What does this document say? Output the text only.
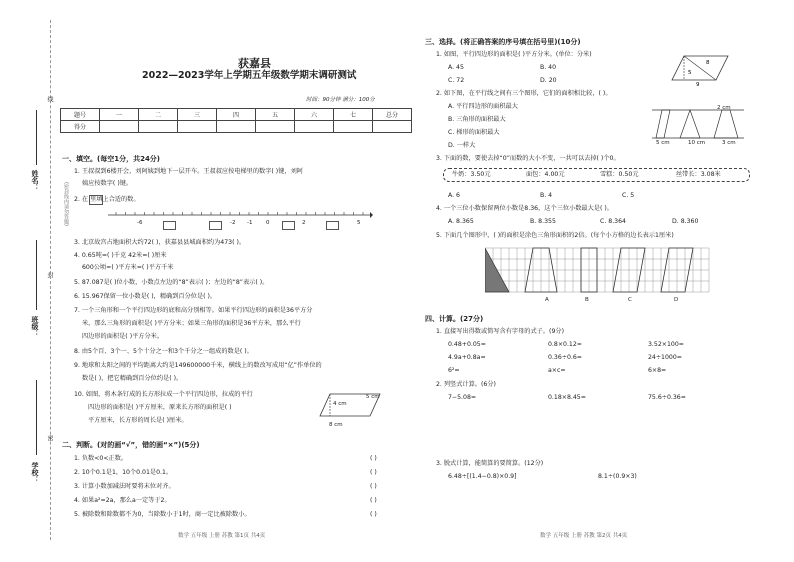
线
封
密
(密封线内请勿答题)
姓名：
班级：
学校：
获嘉县
2022—2023学年上学期五年级数学期末调研测试
时间：90分钟 满分：100分
题号	一	二	三	四	五	六	七	总分
得分								
一、填空。(每空1分，共24分)
1. 王叔叔到6楼开会，刘阿姨到地下一层开车。王叔叔应按电梯里的数字( )键，刘阿
姨应按数字( )键。
2. 在 里填上合适的数。
-6	-2 -1 0	2	5
3. 北京故宫占地面积大约72( )，获嘉县县城面积约为473( )。
4. 0.65吨=( )千克 42米=( )厘米
600公顷=( )平方米=( )平方千米
5. 87.087是( )位小数，小数点左边的“8”表示( )；左边的“8”表示( )。
6. 15.967保留一位小数是( )，精确到百分位是( )。
7. 一个三角形和一个平行四边形的底和高分别相等。如果平行四边形的面积是36平方分
米，那么三角形的面积是( )平方分米；如果三角形的面积是36平方米，那么平行
四边形的面积是( )平方分米。
8. 由5个百、3个一、5个十分之一和3个千分之一组成的数是( )。
9. 地球和太阳之间的平均距离大约是149600000千米，横线上的数改写成用“亿”作单位的
数是( )，把它精确到百分位约是( )。
10. 如图，将木条钉成的长方形拉成一个平行四边形，拉成的平行
四边形的面积是( )平方厘米，原来长方形的面积是( )
平方厘米，长方形的周长是( )厘米。
4 cm
5 cm
8 cm
二、判断。(对的画“√”，错的画“×”)(5分)
1. 负数<0<正数。
2. 10个0.1是1，10个0.01是0.1。
3. 计算小数加减法时要将末位对齐。
4. 如果a²=2a，那么a一定等于2。
5. 被除数和除数都不为0，当除数小于1时，商一定比被除数小。
( )
( )
( )
( )
( )
数学 五年级 上册 苏教 第1页 共4页	数学 五年级 上册 苏教 第2页 共4页
三、选择。(将正确答案的序号填在括号里)(10分)
1. 如图，平行四边形的面积是( )平方分米。(单位：分米)
A. 45	B. 40
C. 72	D. 20
8
5
9
2. 如下图，在平行线之间有三个图形，它们的面积相比较，( )。
A. 平行四边形的面积最大
B. 三角形的面积最大
C. 梯形的面积最大
D. 一样大	5 cm	10 cm
2 cm
3 cm
3. 下面的数，要使去掉“0”而数的大小不变，一共可以去掉( )个0。
牛奶：3.50元	面包：4.00元	雪糕：0.50元	丝带长：3.08米
A. 6	B. 4	C. 5
4. 一个三位小数保留两位小数是8.36，这个三位小数最大是( )。
A. 8.365	B. 8.355	C. 8.364	D. 8.360
5. 下面几个图形中，( )的面积是涂色三角形面积的2倍。(每个小方格的边长表示1厘米)
A	B	C	D
四、计算。(27分)
1. 直接写出得数或简写含有字母的式子。(9分)
0.48+0.05=	0.8×0.12=	3.52×100=
4.9a+0.8a=	0.36÷0.6=	24÷1000=
6²=	a×c=	6×8=
2. 列竖式计算。(6分)
7−5.08=	0.18×8.45=	75.6÷0.36=
3. 脱式计算，能简算的要简算。(12分)
6.48÷[(1.4−0.8)×0.9]	8.1÷(0.9×3)
